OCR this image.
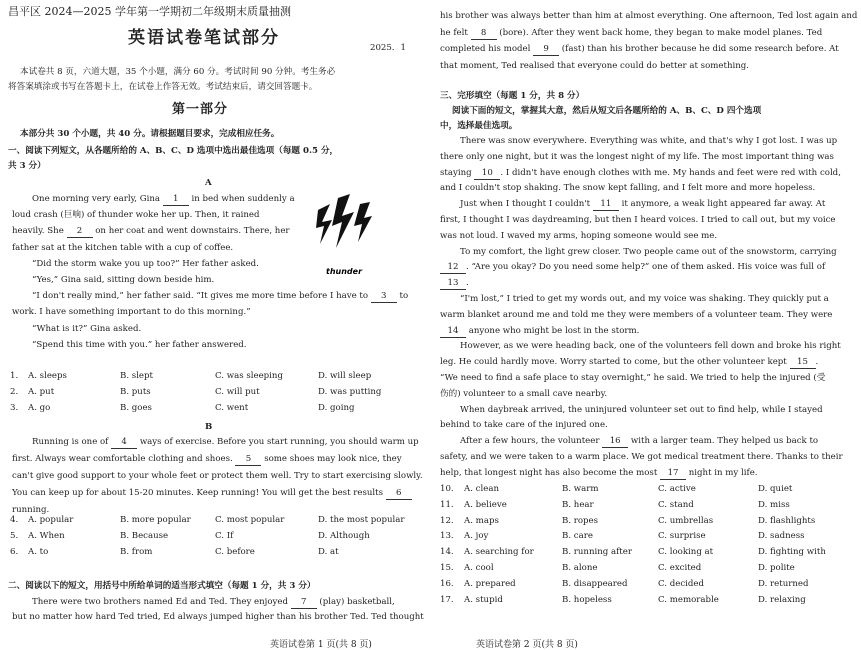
昌平区 2024—2025 学年第一学期初二年级期末质量抽测

英语试卷笔试部分	2025．1

本试卷共 8 页，六道大题，35 个小题，满分 60 分。考试时间 90 分钟。考生务必

将答案填涂或书写在答题卡上，在试卷上作答无效。考试结束后，请交回答题卡。

第一部分

本部分共 30 个小题，共 40 分。请根据题目要求，完成相应任务。

一、阅读下列短文，从各题所给的 A、B、C、D 选项中选出最佳选项（每题 0.5 分，

共 3 分）

A

One morning very early, Gina 1 in bed when suddenly a

loud crash (巨响) of thunder woke her up. Then, it rained

heavily. She 2 on her coat and went downstairs. There, her

father sat at the kitchen table with a cup of coffee.

“Did the storm wake you up too?” Her father asked.

“Yes,” Gina said, sitting down beside him.

“I don't really mind,” her father said. “It gives me more time before I have to 3 to

work. I have something important to do this morning.”

“What is it?” Gina asked.

“Spend this time with you.” her father answered.

thunder
1. A. sleeps	B. slept	C. was sleeping	D. will sleep
2. A. put	B. puts	C. will put	D. was putting
3. A. go	B. goes	C. went	D. going

B

Running is one of 4 ways of exercise. Before you start running, you should warm up

first. Always wear comfortable clothing and shoes. 5 some shoes may look nice, they

can't give good support to your whole feet or protect them well. Try to start exercising slowly.

You can keep up for about 15-20 minutes. Keep running! You will get the best results 6

running.

4. A. popular	B. more popular	C. most popular	D. the most popular
5. A. When	B. Because	C. If	D. Although
6. A. to	B. from	C. before	D. at

二、阅读以下的短文，用括号中所给单词的适当形式填空（每题 1 分，共 3 分）

There were two brothers named Ed and Ted. They enjoyed 7 (play) basketball,

but no matter how hard Ted tried, Ed always jumped higher than his brother Ted. Ted thought

英语试卷第 1 页(共 8 页)

his brother was always better than him at almost everything. One afternoon, Ted lost again and

he felt 8 (bore). After they went back home, they began to make model planes. Ted

completed his model 9 (fast) than his brother because he did some research before. At

that moment, Ted realised that everyone could do better at something.

三、完形填空（每题 1 分，共 8 分）

阅读下面的短文，掌握其大意，然后从短文后各题所给的 A、B、C、D 四个选项

中，选择最佳选项。

There was snow everywhere. Everything was white, and that's why I got lost. I was up

there only one night, but it was the longest night of my life. The most important thing was

staying 10 . I didn't have enough clothes with me. My hands and feet were red with cold,

and I couldn't stop shaking. The snow kept falling, and I felt more and more hopeless.

Just when I thought I couldn't 11 it anymore, a weak light appeared far away. At

first, I thought I was daydreaming, but then I heard voices. I tried to call out, but my voice

was not loud. I waved my arms, hoping someone would see me.

To my comfort, the light grew closer. Two people came out of the snowstorm, carrying

12 . “Are you okay? Do you need some help?” one of them asked. His voice was full of

13 .

“I'm lost,” I tried to get my words out, and my voice was shaking. They quickly put a

warm blanket around me and told me they were members of a volunteer team. They were

14 anyone who might be lost in the storm.

However, as we were heading back, one of the volunteers fell down and broke his right

leg. He could hardly move. Worry started to come, but the other volunteer kept 15 .

“We need to find a safe place to stay overnight,” he said. We tried to help the injured (受

伤的) volunteer to a small cave nearby.

When daybreak arrived, the uninjured volunteer set out to find help, while I stayed

behind to take care of the injured one.

After a few hours, the volunteer 16 with a larger team. They helped us back to

safety, and we were taken to a warm place. We got medical treatment there. Thanks to their

help, that longest night has also become the most 17 night in my life.

10. A. clean	B. warm	C. active	D. quiet
11. A. believe	B. hear	C. stand	D. miss
12. A. maps	B. ropes	C. umbrellas	D. flashlights
13. A. joy	B. care	C. surprise	D. sadness
14. A. searching for	B. running after	C. looking at	D. fighting with
15. A. cool	B. alone	C. excited	D. polite
16. A. prepared	B. disappeared	C. decided	D. returned
17. A. stupid	B. hopeless	C. memorable	D. relaxing

英语试卷第 2 页(共 8 页)
